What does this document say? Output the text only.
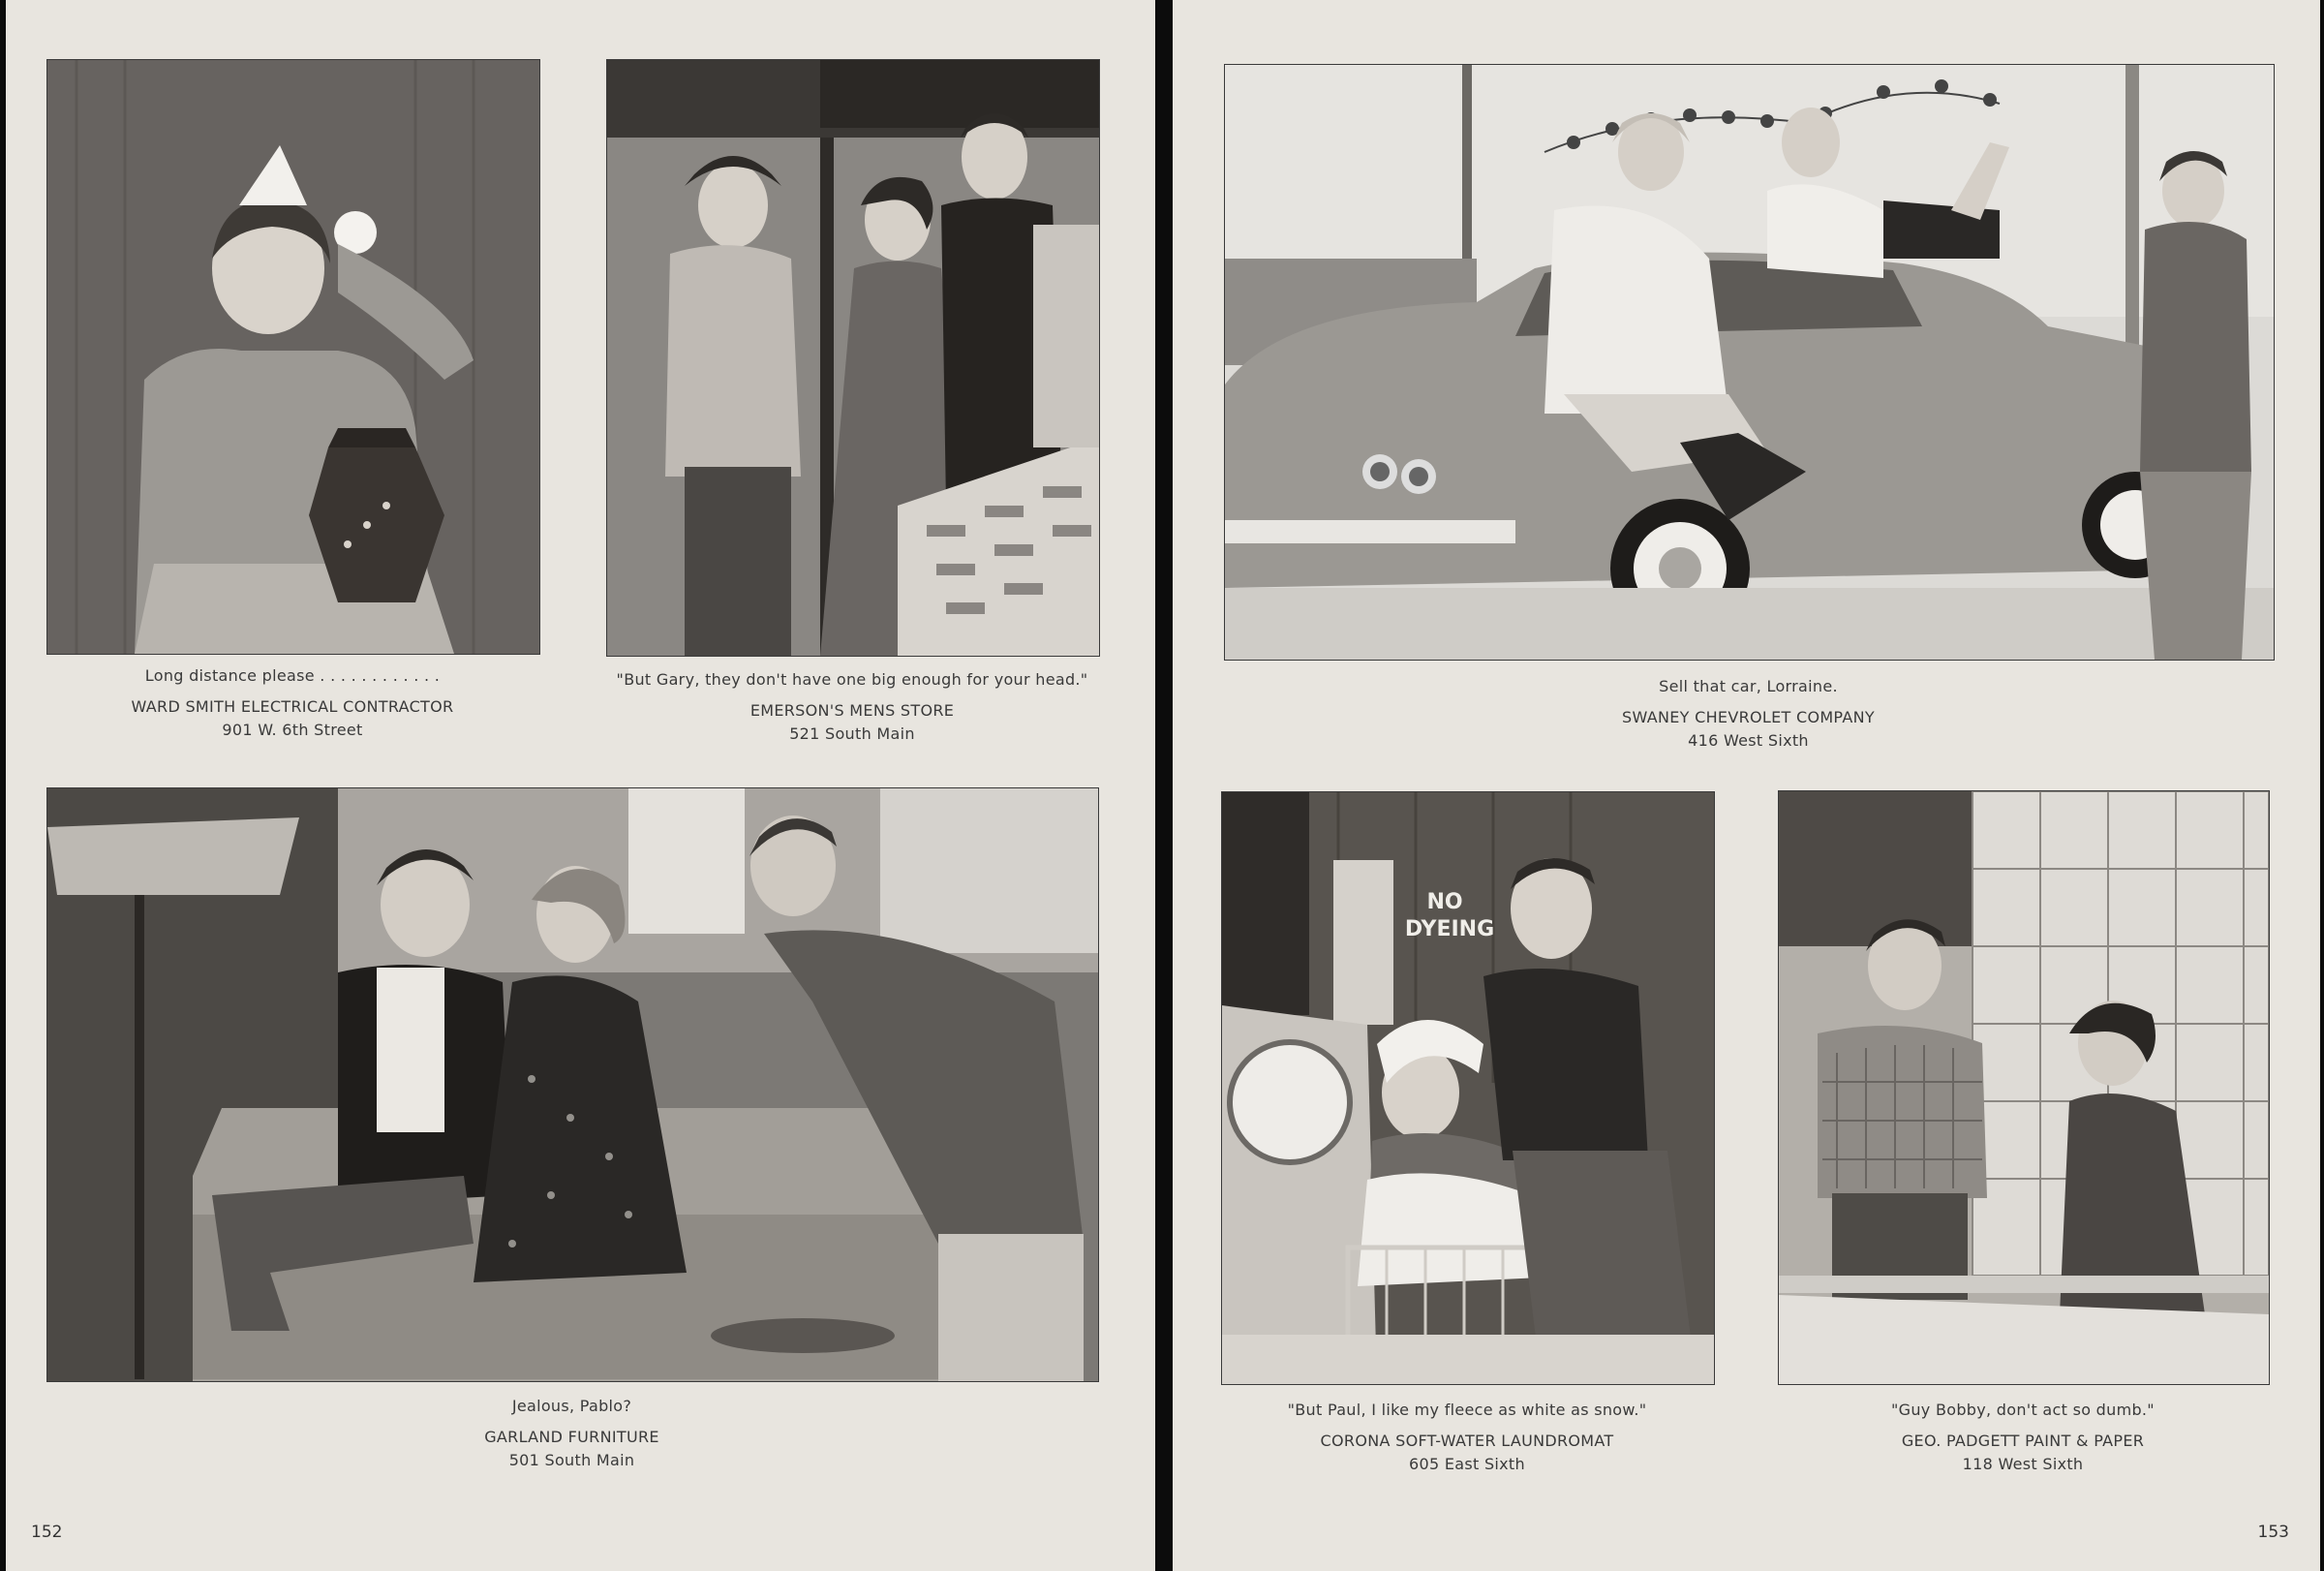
Long distance please . . . . . . . . . . . .
WARD SMITH ELECTRICAL CONTRACTOR
901 W. 6th Street
"But Gary, they don't have one big enough for your head."
EMERSON'S MENS STORE
521 South Main
Jealous, Pablo?
GARLAND FURNITURE
501 South Main
152
Sell that car, Lorraine.
SWANEY CHEVROLET COMPANY
416 West Sixth
NO
DYEING
"But Paul, I like my fleece as white as snow."
CORONA SOFT-WATER LAUNDROMAT
605 East Sixth
"Guy Bobby, don't act so dumb."
GEO. PADGETT PAINT & PAPER
118 West Sixth
153
